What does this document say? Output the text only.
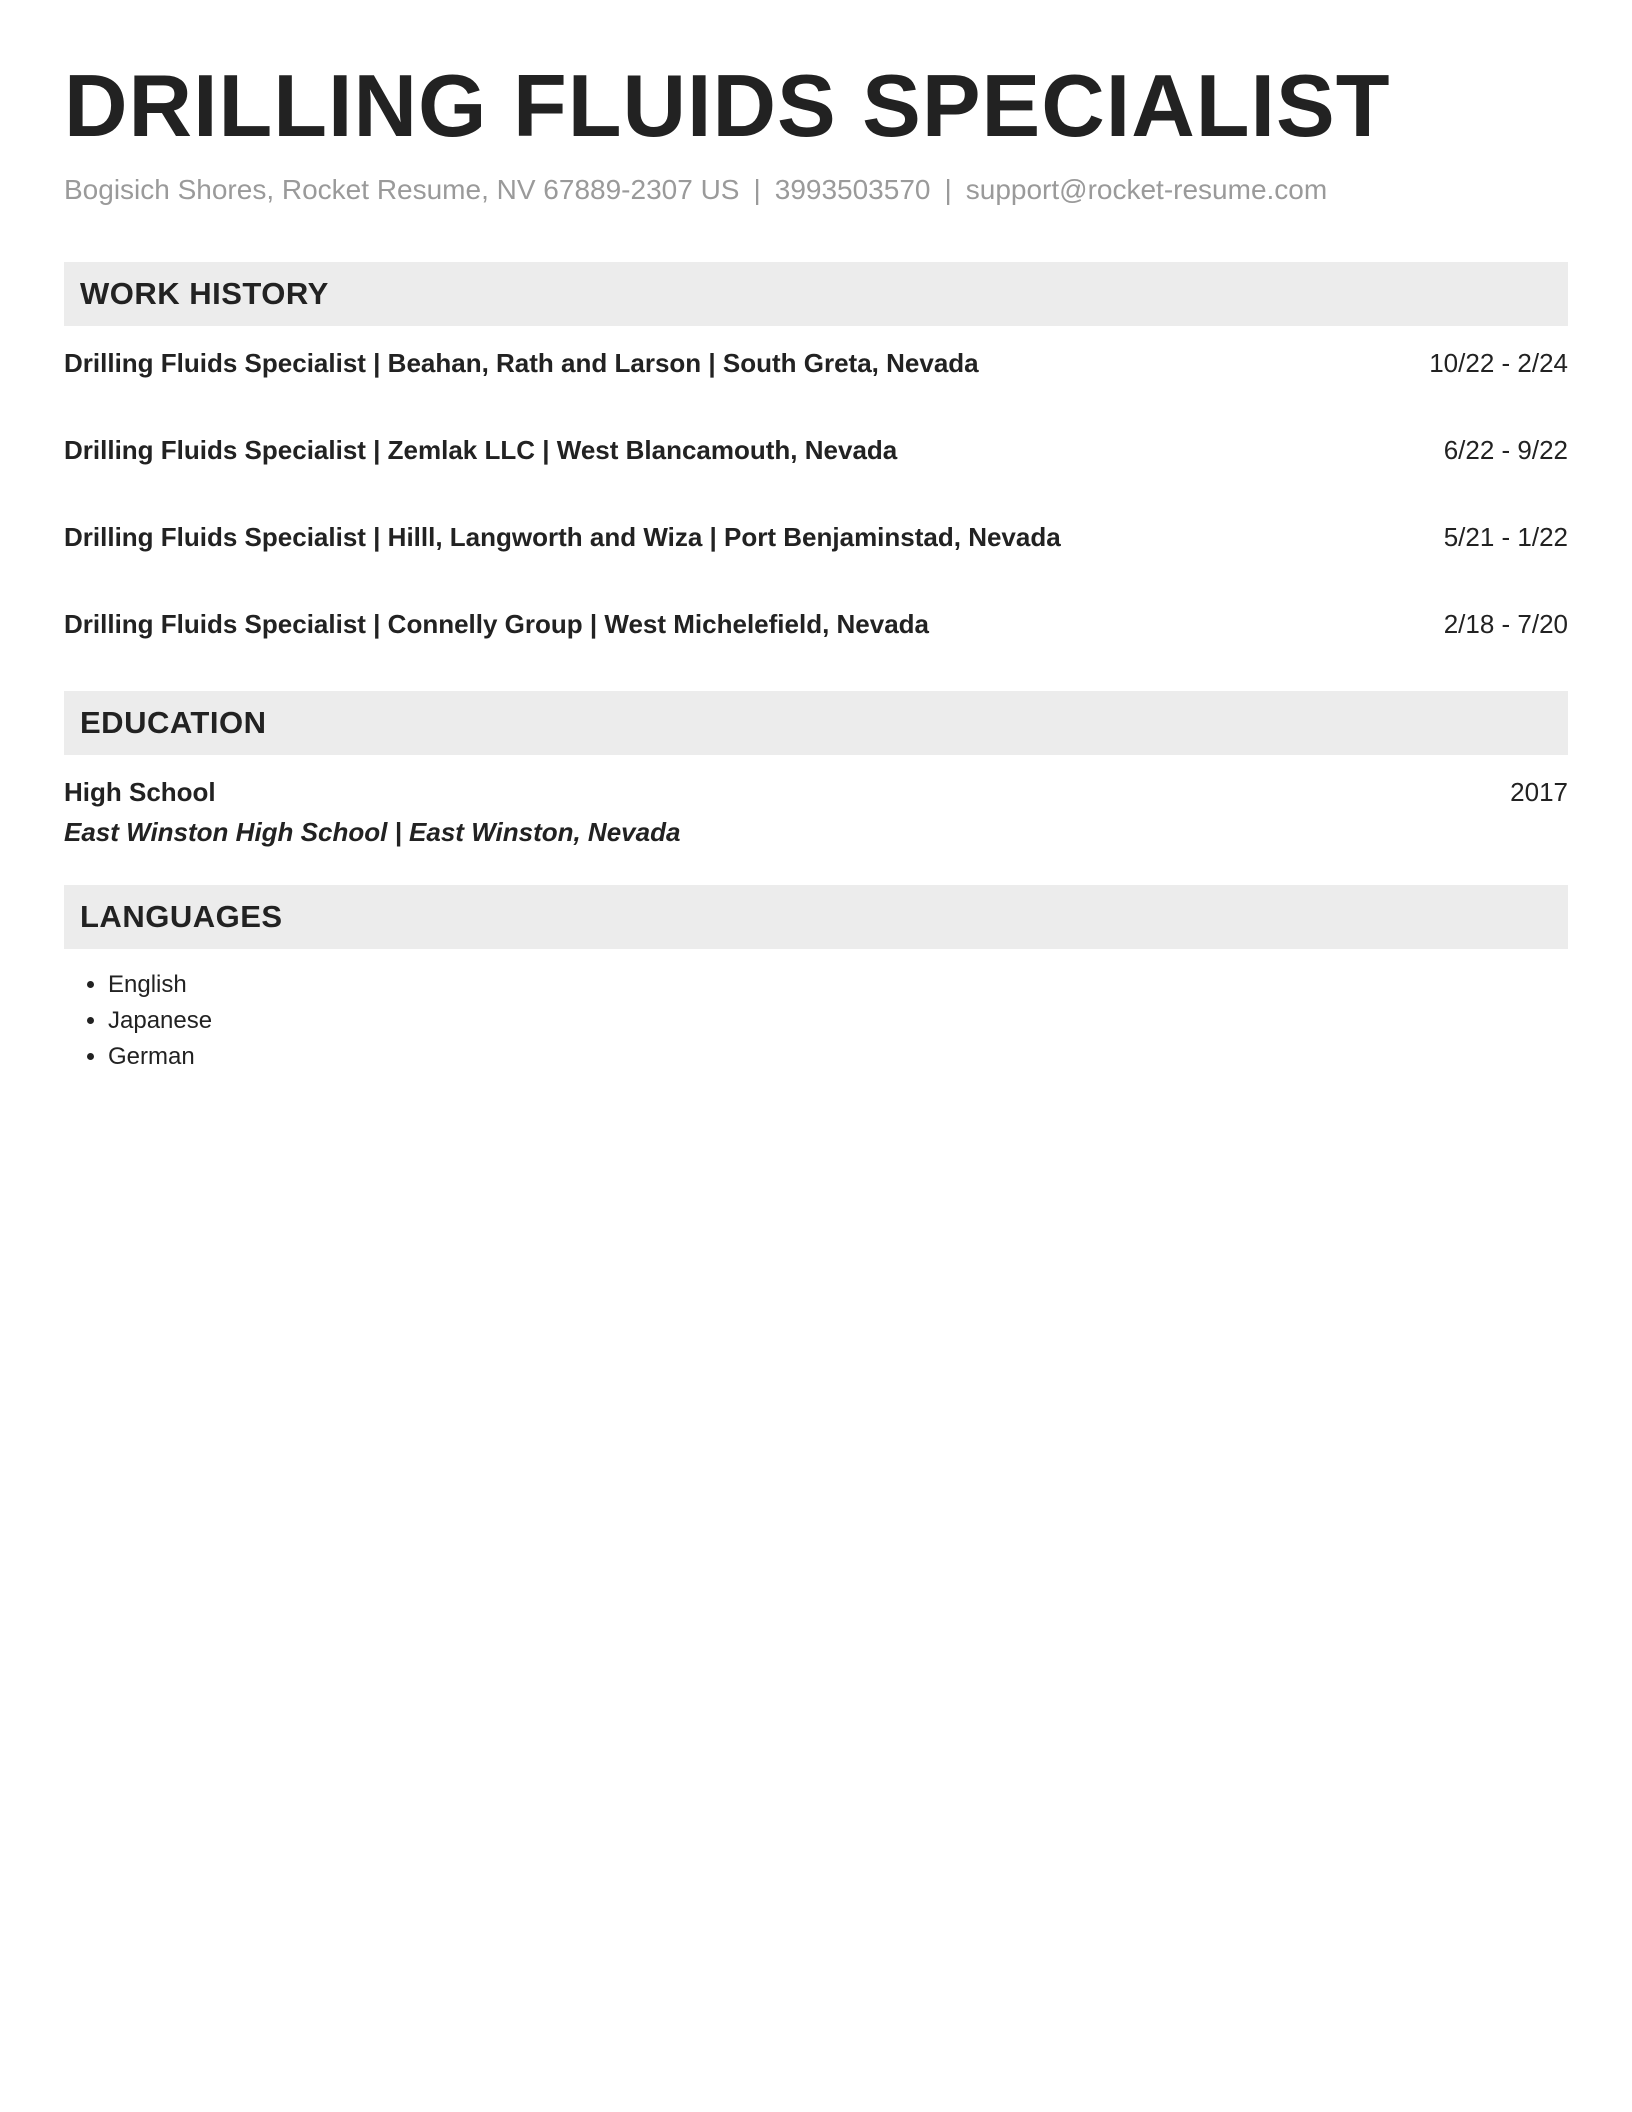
DRILLING FLUIDS SPECIALIST
Bogisich Shores, Rocket Resume, NV 67889-2307 US | 3993503570 | support@rocket-resume.com
WORK HISTORY
Drilling Fluids Specialist | Beahan, Rath and Larson | South Greta, Nevada	10/22 - 2/24
Drilling Fluids Specialist | Zemlak LLC | West Blancamouth, Nevada	6/22 - 9/22
Drilling Fluids Specialist | Hilll, Langworth and Wiza | Port Benjaminstad, Nevada	5/21 - 1/22
Drilling Fluids Specialist | Connelly Group | West Michelefield, Nevada	2/18 - 7/20
EDUCATION
High School	2017
East Winston High School | East Winston, Nevada
LANGUAGES
• English
• Japanese
• German
